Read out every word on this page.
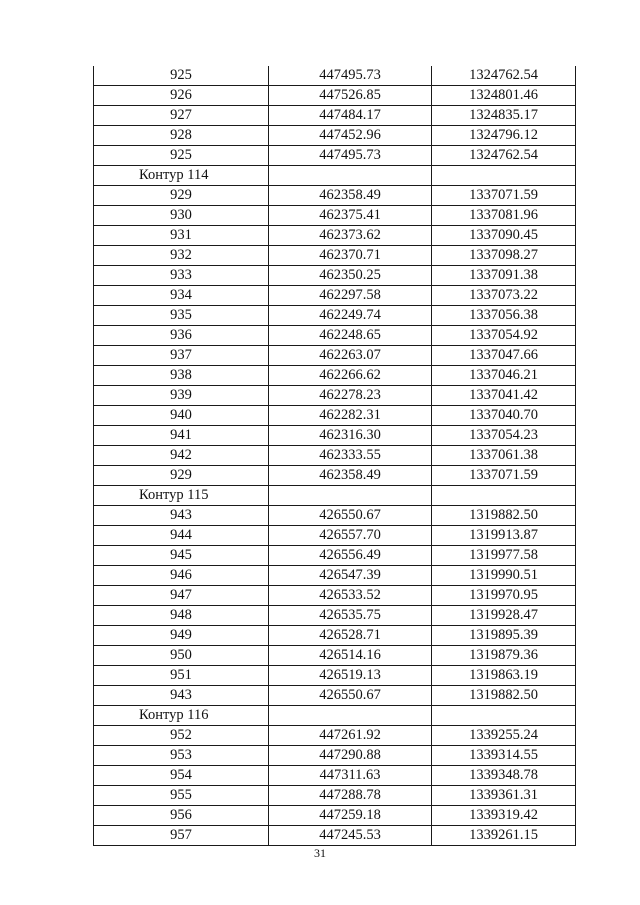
925	447495.73	1324762.54
926	447526.85	1324801.46
927	447484.17	1324835.17
928	447452.96	1324796.12
925	447495.73	1324762.54
Контур 114		
929	462358.49	1337071.59
930	462375.41	1337081.96
931	462373.62	1337090.45
932	462370.71	1337098.27
933	462350.25	1337091.38
934	462297.58	1337073.22
935	462249.74	1337056.38
936	462248.65	1337054.92
937	462263.07	1337047.66
938	462266.62	1337046.21
939	462278.23	1337041.42
940	462282.31	1337040.70
941	462316.30	1337054.23
942	462333.55	1337061.38
929	462358.49	1337071.59
Контур 115		
943	426550.67	1319882.50
944	426557.70	1319913.87
945	426556.49	1319977.58
946	426547.39	1319990.51
947	426533.52	1319970.95
948	426535.75	1319928.47
949	426528.71	1319895.39
950	426514.16	1319879.36
951	426519.13	1319863.19
943	426550.67	1319882.50
Контур 116		
952	447261.92	1339255.24
953	447290.88	1339314.55
954	447311.63	1339348.78
955	447288.78	1339361.31
956	447259.18	1339319.42
957	447245.53	1339261.15
31
